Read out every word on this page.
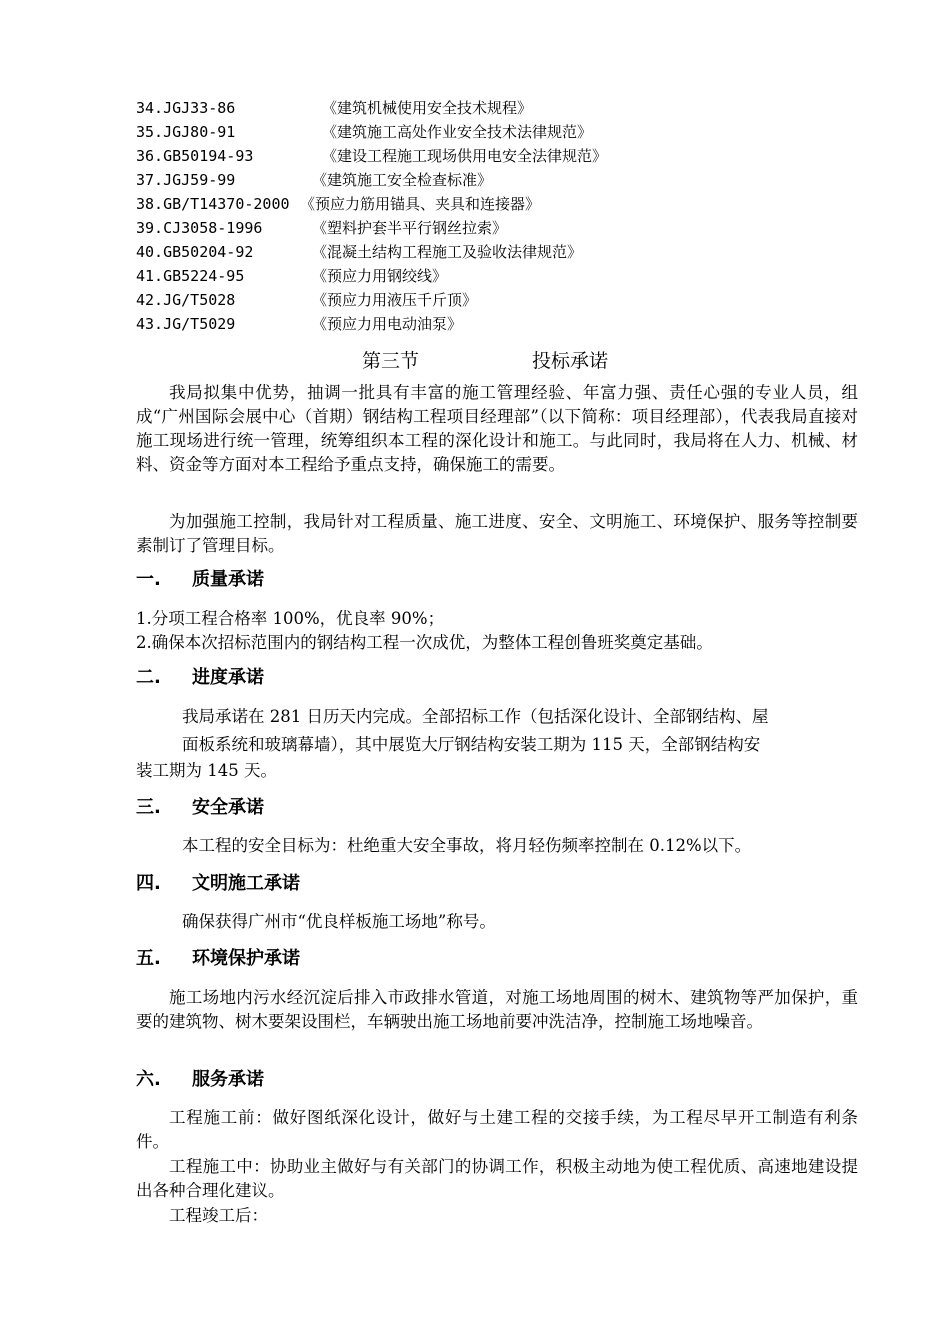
34.JGJ33-86	《建筑机械使用安全技术规程》
35.JGJ80-91	《建筑施工高处作业安全技术法律规范》
36.GB50194-93	《建设工程施工现场供用电安全法律规范》
37.JGJ59-99	《建筑施工安全检查标准》
38.GB/T14370-2000 《预应力筋用锚具、夹具和连接器》
39.CJ3058-1996	《塑料护套半平行钢丝拉索》
40.GB50204-92	《混凝土结构工程施工及验收法律规范》
41.GB5224-95	《预应力用钢绞线》
42.JG/T5028	《预应力用液压千斤顶》
43.JG/T5029	《预应力用电动油泵》
第三节	投标承诺

我局拟集中优势，抽调一批具有丰富的施工管理经验、年富力强、责任心强的专业人员，组成“广州国际会展中心（首期）钢结构工程项目经理部”（以下简称：项目经理部），代表我局直接对施工现场进行统一管理，统筹组织本工程的深化设计和施工。与此同时，我局将在人力、机械、材料、资金等方面对本工程给予重点支持，确保施工的需要。

为加强施工控制，我局针对工程质量、施工进度、安全、文明施工、环境保护、服务等控制要素制订了管理目标。

一. 质量承诺
1.分项工程合格率 100%，优良率 90%；
2.确保本次招标范围内的钢结构工程一次成优，为整体工程创鲁班奖奠定基础。
二. 进度承诺
我局承诺在 281 日历天内完成。全部招标工作（包括深化设计、全部钢结构、屋
面板系统和玻璃幕墙），其中展览大厅钢结构安装工期为 115 天，全部钢结构安
装工期为 145 天。
三. 安全承诺
本工程的安全目标为：杜绝重大安全事故，将月轻伤频率控制在 0.12%以下。
四. 文明施工承诺
确保获得广州市“优良样板施工场地”称号。
五. 环境保护承诺

施工场地内污水经沉淀后排入市政排水管道，对施工场地周围的树木、建筑物等严加保护，重要的建筑物、树木要架设围栏，车辆驶出施工场地前要冲洗洁净，控制施工场地噪音。

六. 服务承诺

工程施工前：做好图纸深化设计，做好与土建工程的交接手续，为工程尽早开工制造有利条件。

工程施工中：协助业主做好与有关部门的协调工作，积极主动地为使工程优质、高速地建设提出各种合理化建议。

工程竣工后：
